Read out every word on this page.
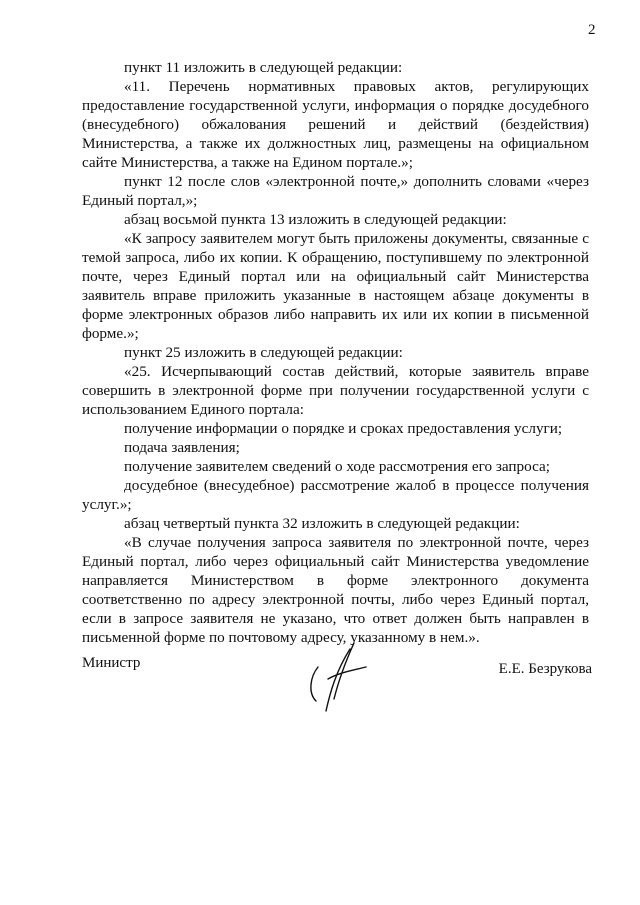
2

пункт 11 изложить в следующей редакции:

«11. Перечень нормативных правовых актов, регулирующих предоставление государственной услуги, информация о порядке досудебного (внесудебного) обжалования решений и действий (бездействия) Министерства, а также их должностных лиц, размещены на официальном сайте Министерства, а также на Едином портале.»;

пункт 12 после слов «электронной почте,» дополнить словами «через Единый портал,»;

абзац восьмой пункта 13 изложить в следующей редакции:

«К запросу заявителем могут быть приложены документы, связанные с темой запроса, либо их копии. К обращению, поступившему по электронной почте, через Единый портал или на официальный сайт Министерства заявитель вправе приложить указанные в настоящем абзаце документы в форме электронных образов либо направить их или их копии в письменной форме.»;

пункт 25 изложить в следующей редакции:

«25. Исчерпывающий состав действий, которые заявитель вправе совершить в электронной форме при получении государственной услуги с использованием Единого портала:

получение информации о порядке и сроках предоставления услуги;

подача заявления;

получение заявителем сведений о ходе рассмотрения его запроса;

досудебное (внесудебное) рассмотрение жалоб в процессе получения услуг.»;

абзац четвертый пункта 32 изложить в следующей редакции:

«В случае получения запроса заявителя по электронной почте, через Единый портал, либо через официальный сайт Министерства уведомление направляется Министерством в форме электронного документа соответственно по адресу электронной почты, либо через Единый портал, если в запросе заявителя не указано, что ответ должен быть направлен в письменной форме по почтовому адресу, указанному в нем.».

Министр	Е.Е. Безрукова
